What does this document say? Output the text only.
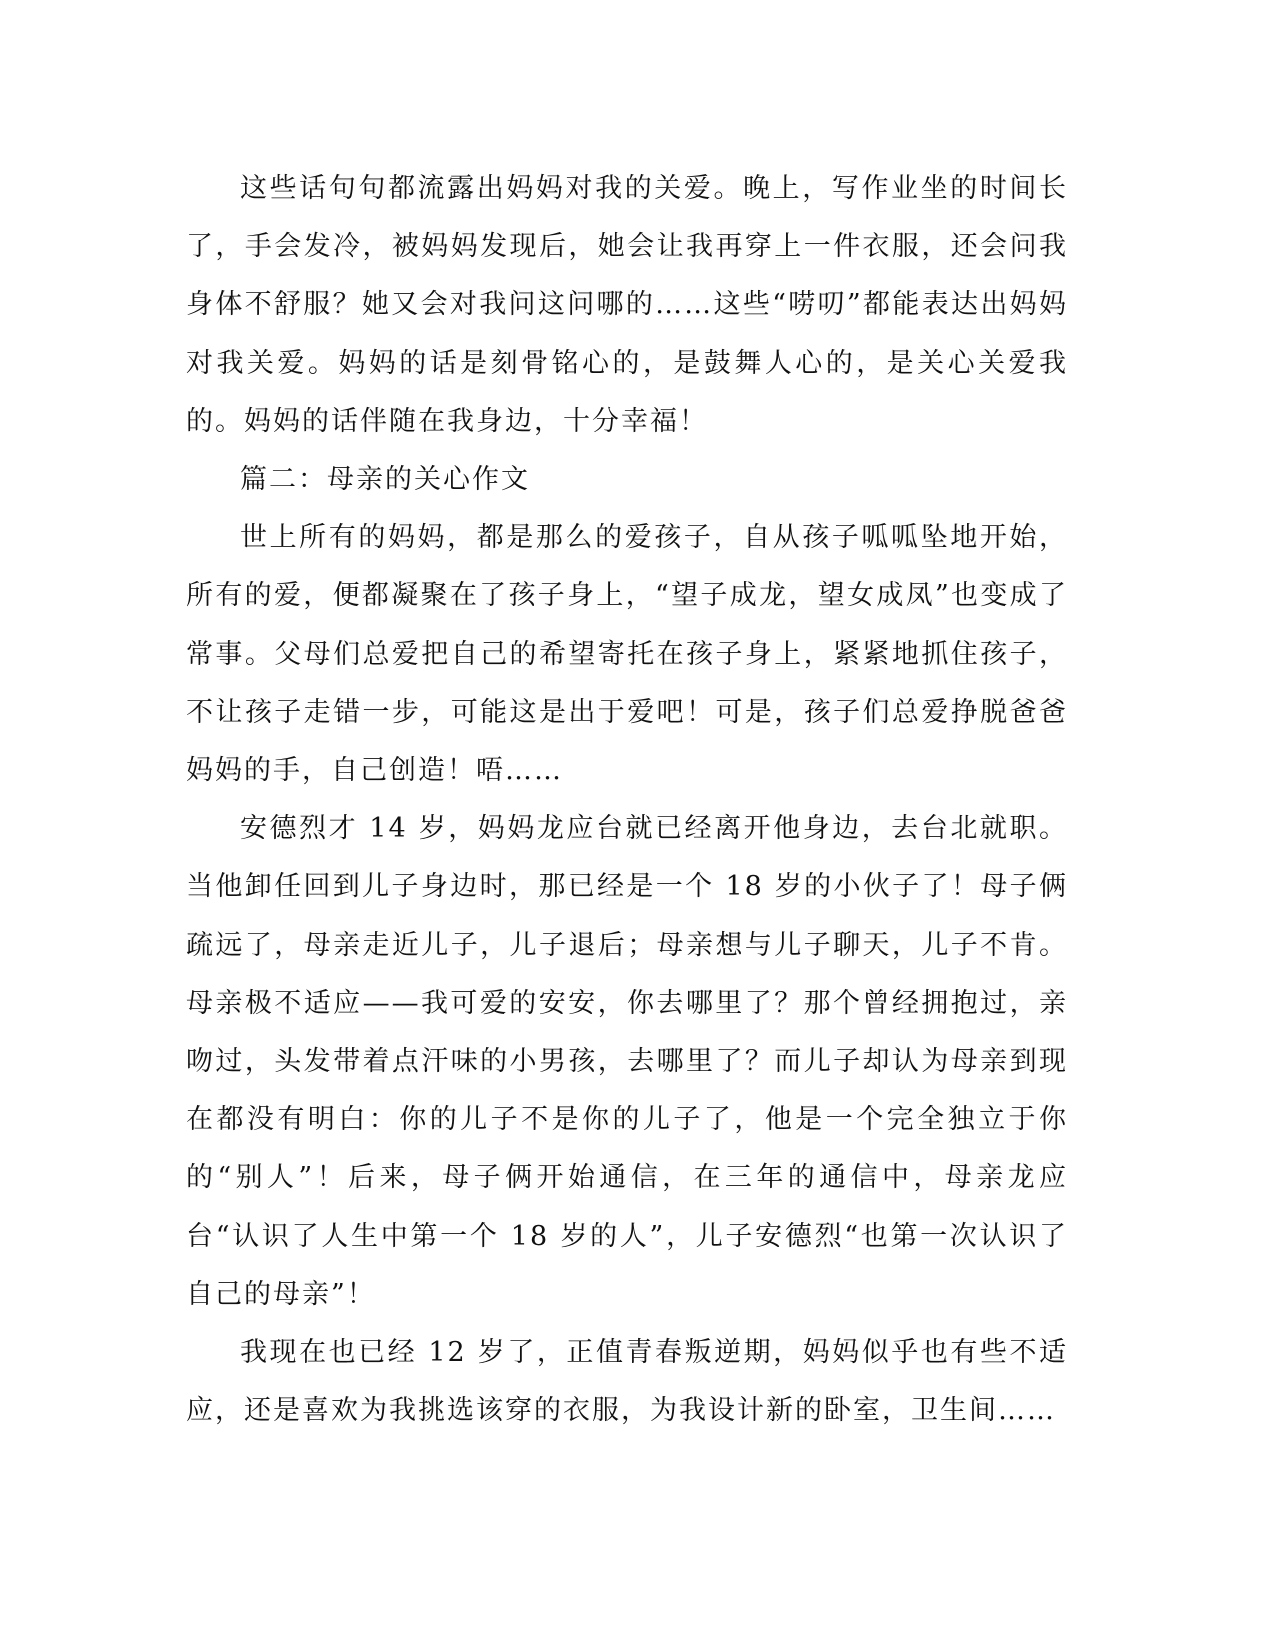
这些话句句都流露出妈妈对我的关爱。晚上，写作业坐的时间长了，手会发冷，被妈妈发现后，她会让我再穿上一件衣服，还会问我身体不舒服？她又会对我问这问哪的……这些“唠叨”都能表达出妈妈对我关爱。妈妈的话是刻骨铭心的，是鼓舞人心的，是关心关爱我的。妈妈的话伴随在我身边，十分幸福！

篇二：母亲的关心作文

世上所有的妈妈，都是那么的爱孩子，自从孩子呱呱坠地开始，所有的爱，便都凝聚在了孩子身上，“望子成龙，望女成凤”也变成了常事。父母们总爱把自己的希望寄托在孩子身上，紧紧地抓住孩子，不让孩子走错一步，可能这是出于爱吧！可是，孩子们总爱挣脱爸爸妈妈的手，自己创造！唔……

安德烈才 14 岁，妈妈龙应台就已经离开他身边，去台北就职。当他卸任回到儿子身边时，那已经是一个 18 岁的小伙子了！母子俩疏远了，母亲走近儿子，儿子退后；母亲想与儿子聊天，儿子不肯。母亲极不适应——我可爱的安安，你去哪里了？那个曾经拥抱过，亲吻过，头发带着点汗味的小男孩，去哪里了？而儿子却认为母亲到现在都没有明白：你的儿子不是你的儿子了，他是一个完全独立于你的“别人”！后来，母子俩开始通信，在三年的通信中，母亲龙应台“认识了人生中第一个 18 岁的人”，儿子安德烈“也第一次认识了自己的母亲”！

我现在也已经 12 岁了，正值青春叛逆期，妈妈似乎也有些不适应，还是喜欢为我挑选该穿的衣服，为我设计新的卧室，卫生间……
